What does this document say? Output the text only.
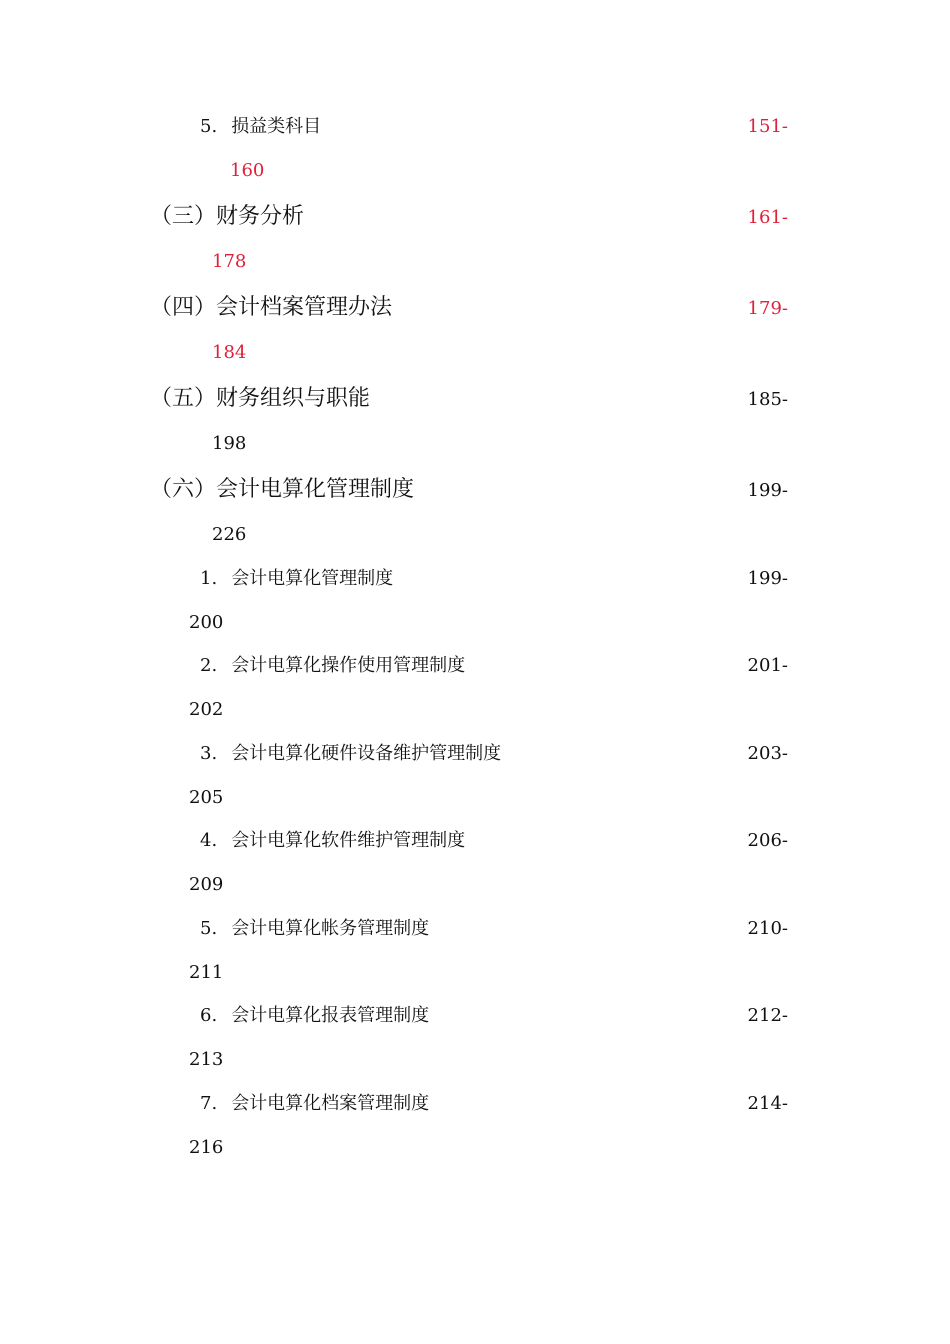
5. 损益类科目	151-
160
（三）财务分析	161-
178
（四）会计档案管理办法	179-
184
（五）财务组织与职能	185-
198
（六）会计电算化管理制度	199-
226
1. 会计电算化管理制度	199-
200
2. 会计电算化操作使用管理制度	201-
202
3. 会计电算化硬件设备维护管理制度	203-
205
4. 会计电算化软件维护管理制度	206-
209
5. 会计电算化帐务管理制度	210-
211
6. 会计电算化报表管理制度	212-
213
7. 会计电算化档案管理制度	214-
216
